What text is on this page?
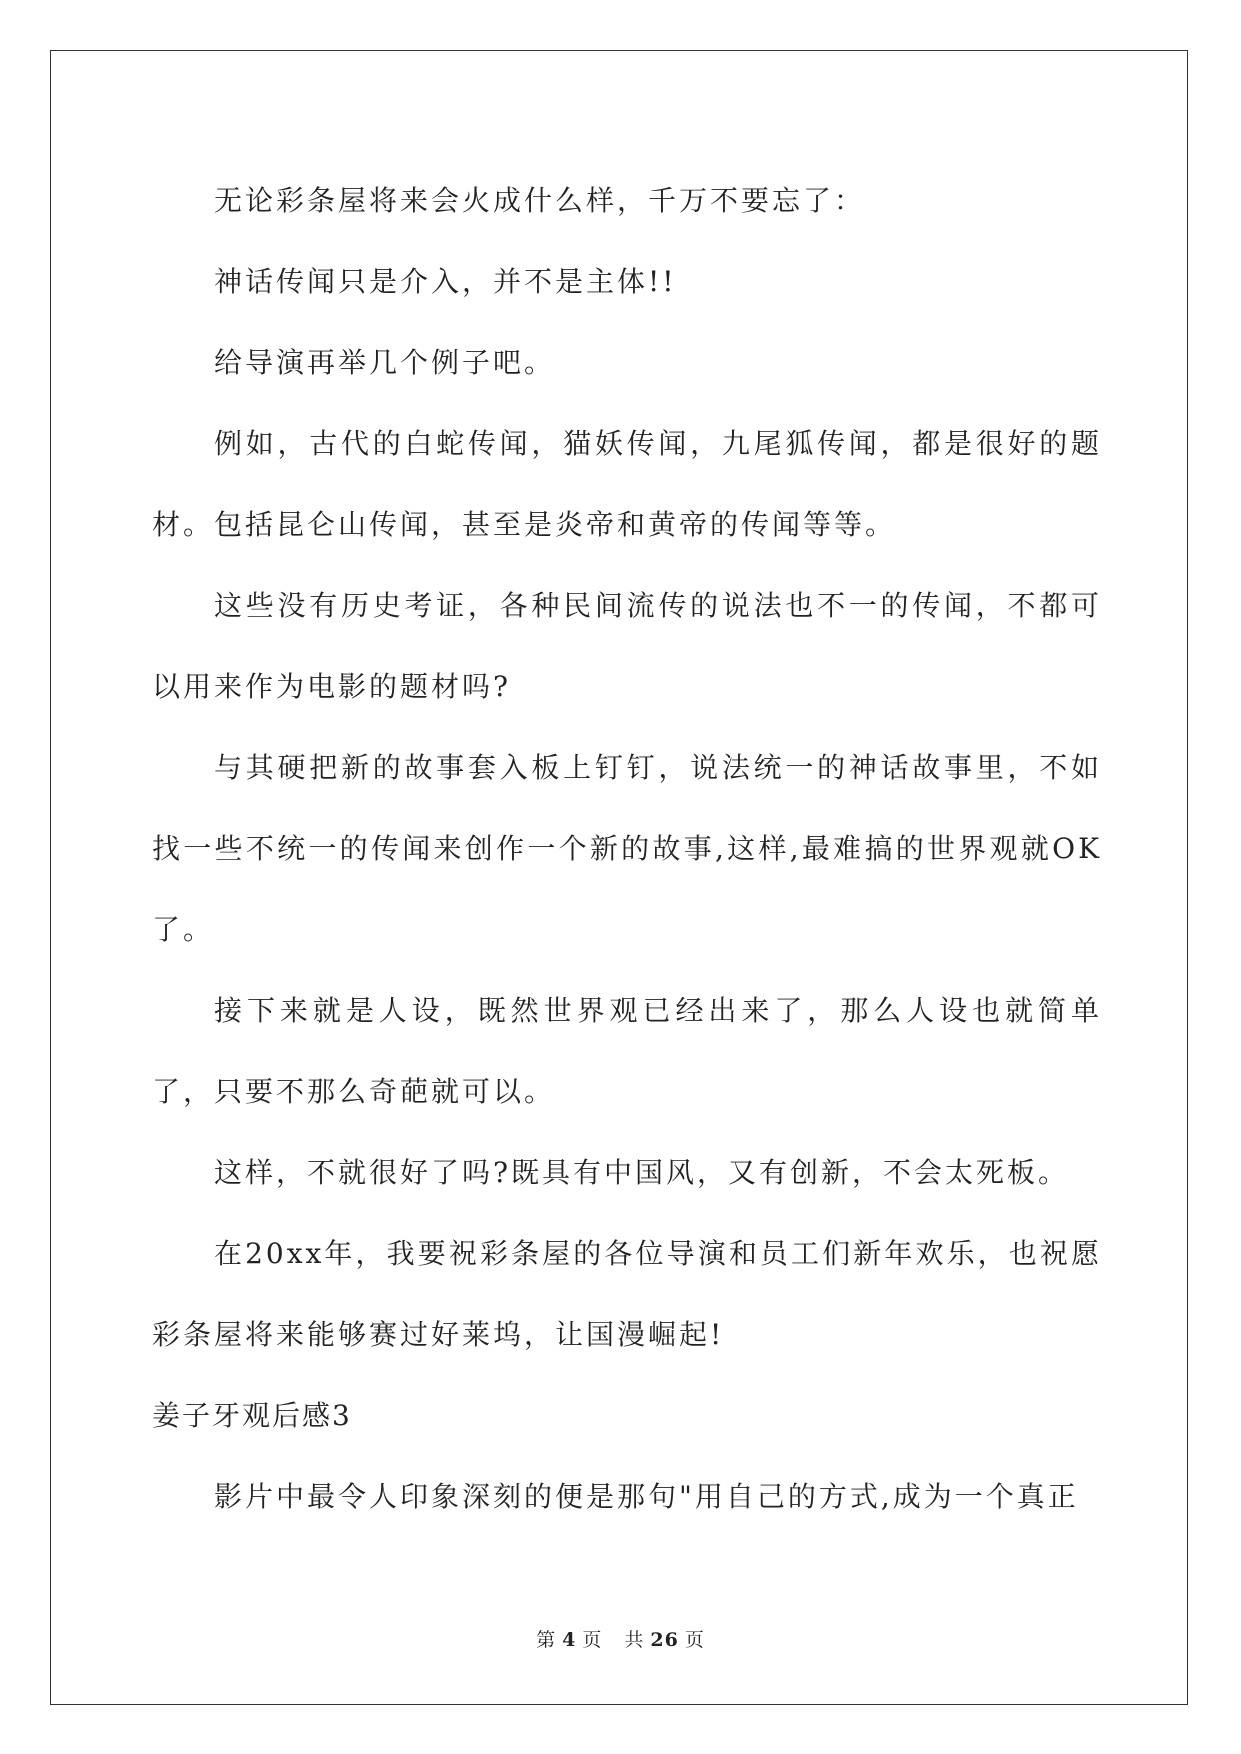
无论彩条屋将来会火成什么样，千万不要忘了：

神话传闻只是介入，并不是主体!!

给导演再举几个例子吧。

例如，古代的白蛇传闻，猫妖传闻，九尾狐传闻，都是很好的题材。包括昆仑山传闻，甚至是炎帝和黄帝的传闻等等。

这些没有历史考证，各种民间流传的说法也不一的传闻，不都可以用来作为电影的题材吗?

与其硬把新的故事套入板上钉钉，说法统一的神话故事里，不如找一些不统一的传闻来创作一个新的故事,这样,最难搞的世界观就OK了。

接下来就是人设，既然世界观已经出来了，那么人设也就简单了，只要不那么奇葩就可以。

这样，不就很好了吗?既具有中国风，又有创新，不会太死板。

在20xx年，我要祝彩条屋的各位导演和员工们新年欢乐，也祝愿彩条屋将来能够赛过好莱坞，让国漫崛起!

姜子牙观后感3

影片中最令人印象深刻的便是那句"用自己的方式,成为一个真正

第 4 页 共 26 页
